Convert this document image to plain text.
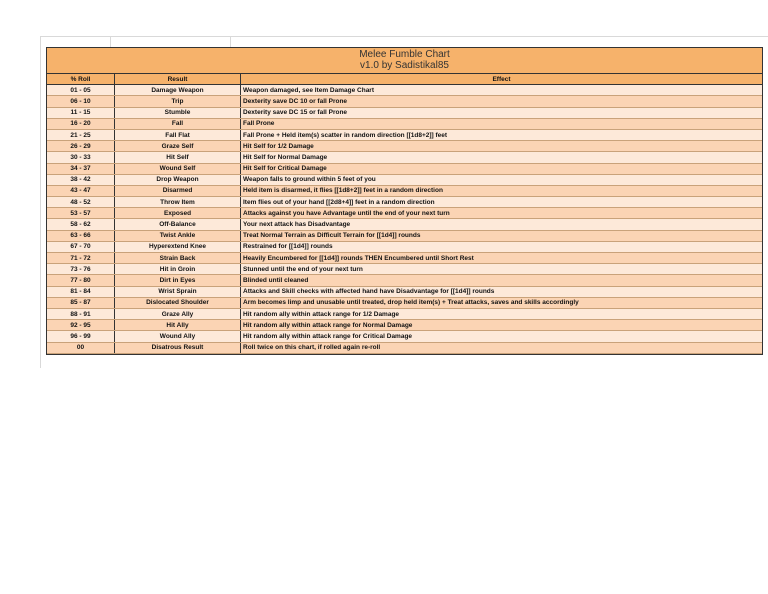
Melee Fumble Chart
v1.0 by Sadistikal85
% Roll	Result	Effect
01 - 05	Damage Weapon	Weapon damaged, see Item Damage Chart
06 - 10	Trip	Dexterity save DC 10 or fall Prone
11 - 15	Stumble	Dexterity save DC 15 or fall Prone
16 - 20	Fall	Fall Prone
21 - 25	Fall Flat	Fall Prone + Held item(s) scatter in random direction [[1d8+2]] feet
26 - 29	Graze Self	Hit Self for 1/2 Damage
30 - 33	Hit Self	Hit Self for Normal Damage
34 - 37	Wound Self	Hit Self for Critical Damage
38 - 42	Drop Weapon	Weapon falls to ground within 5 feet of you
43 - 47	Disarmed	Held item is disarmed, it flies [[1d8+2]] feet in a random direction
48 - 52	Throw Item	Item flies out of your hand [[2d8+4]] feet in a random direction
53 - 57	Exposed	Attacks against you have Advantage until the end of your next turn
58 - 62	Off-Balance	Your next attack has Disadvantage
63 - 66	Twist Ankle	Treat Normal Terrain as Difficult Terrain for [[1d4]] rounds
67 - 70	Hyperextend Knee	Restrained for [[1d4]] rounds
71 - 72	Strain Back	Heavily Encumbered for [[1d4]] rounds THEN Encumbered until Short Rest
73 - 76	Hit in Groin	Stunned until the end of your next turn
77 - 80	Dirt in Eyes	Blinded until cleaned
81 - 84	Wrist Sprain	Attacks and Skill checks with affected hand have Disadvantage for [[1d4]] rounds
85 - 87	Dislocated Shoulder	Arm becomes limp and unusable until treated, drop held item(s) + Treat attacks, saves and skills accordingly
88 - 91	Graze Ally	Hit random ally within attack range for 1/2 Damage
92 - 95	Hit Ally	Hit random ally within attack range for Normal Damage
96 - 99	Wound Ally	Hit random ally within attack range for Critical Damage
00	Disatrous Result	Roll twice on this chart, if rolled again re-roll
